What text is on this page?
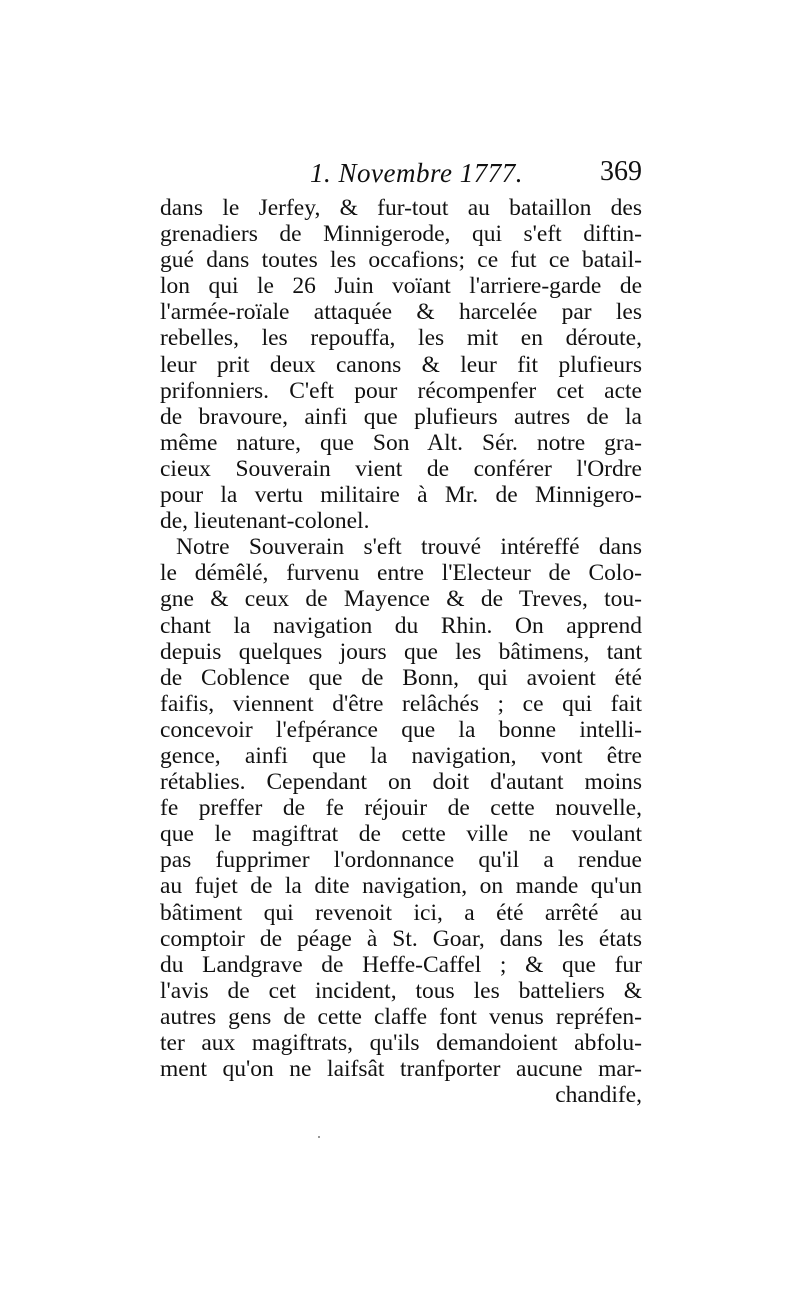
1. Novembre 1777.	369
dans le Jerfey, & fur-tout au bataillon des
grenadiers de Minnigerode, qui s'eft diftin-
gué dans toutes les occafions; ce fut ce batail-
lon qui le 26 Juin voïant l'arriere-garde de
l'armée-roïale attaquée & harcelée par les
rebelles, les repouffa, les mit en déroute,
leur prit deux canons & leur fit plufieurs
prifonniers. C'eft pour récompenfer cet acte
de bravoure, ainfi que plufieurs autres de la
même nature, que Son Alt. Sér. notre gra-
cieux Souverain vient de conférer l'Ordre
pour la vertu militaire à Mr. de Minnigero-
de, lieutenant-colonel.
Notre Souverain s'eft trouvé intéreffé dans
le démêlé, furvenu entre l'Electeur de Colo-
gne & ceux de Mayence & de Treves, tou-
chant la navigation du Rhin. On apprend
depuis quelques jours que les bâtimens, tant
de Coblence que de Bonn, qui avoient été
faifis, viennent d'être relâchés ; ce qui fait
concevoir l'efpérance que la bonne intelli-
gence, ainfi que la navigation, vont être
rétablies. Cependant on doit d'autant moins
fe preffer de fe réjouir de cette nouvelle,
que le magiftrat de cette ville ne voulant
pas fupprimer l'ordonnance qu'il a rendue
au fujet de la dite navigation, on mande qu'un
bâtiment qui revenoit ici, a été arrêté au
comptoir de péage à St. Goar, dans les états
du Landgrave de Heffe-Caffel ; & que fur
l'avis de cet incident, tous les batteliers &
autres gens de cette claffe font venus repréfen-
ter aux magiftrats, qu'ils demandoient abfolu-
ment qu'on ne laifsât tranfporter aucune mar-
chandife,
